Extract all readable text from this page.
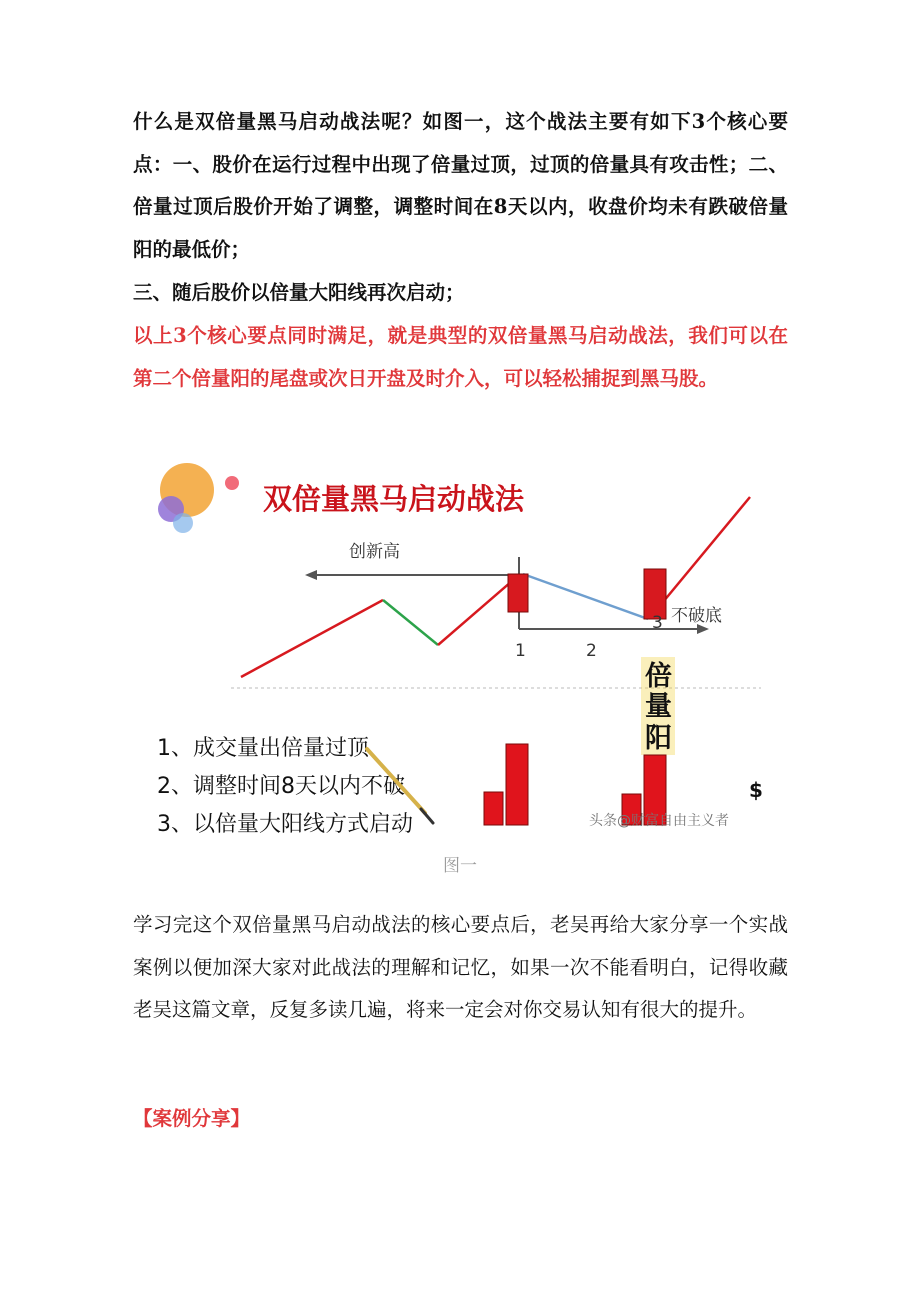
什么是双倍量黑马启动战法呢？如图一，这个战法主要有如下3个核心要点：一、股价在运行过程中出现了倍量过顶，过顶的倍量具有攻击性；二、倍量过顶后股价开始了调整，调整时间在8天以内，收盘价均未有跌破倍量阳的最低价；

三、随后股价以倍量大阳线再次启动；

以上3个核心要点同时满足，就是典型的双倍量黑马启动战法，我们可以在第二个倍量阳的尾盘或次日开盘及时介入，可以轻松捕捉到黑马股。

双倍量黑马启动战法
创新高
不破底
1	2
3
倍
量
阳
1、成交量出倍量过顶
2、调整时间8天以内不破
3、以倍量大阳线方式启动	头条@财富自由主义者
$
图一

学习完这个双倍量黑马启动战法的核心要点后，老吴再给大家分享一个实战案例以便加深大家对此战法的理解和记忆，如果一次不能看明白，记得收藏老吴这篇文章，反复多读几遍，将来一定会对你交易认知有很大的提升。

【案例分享】
